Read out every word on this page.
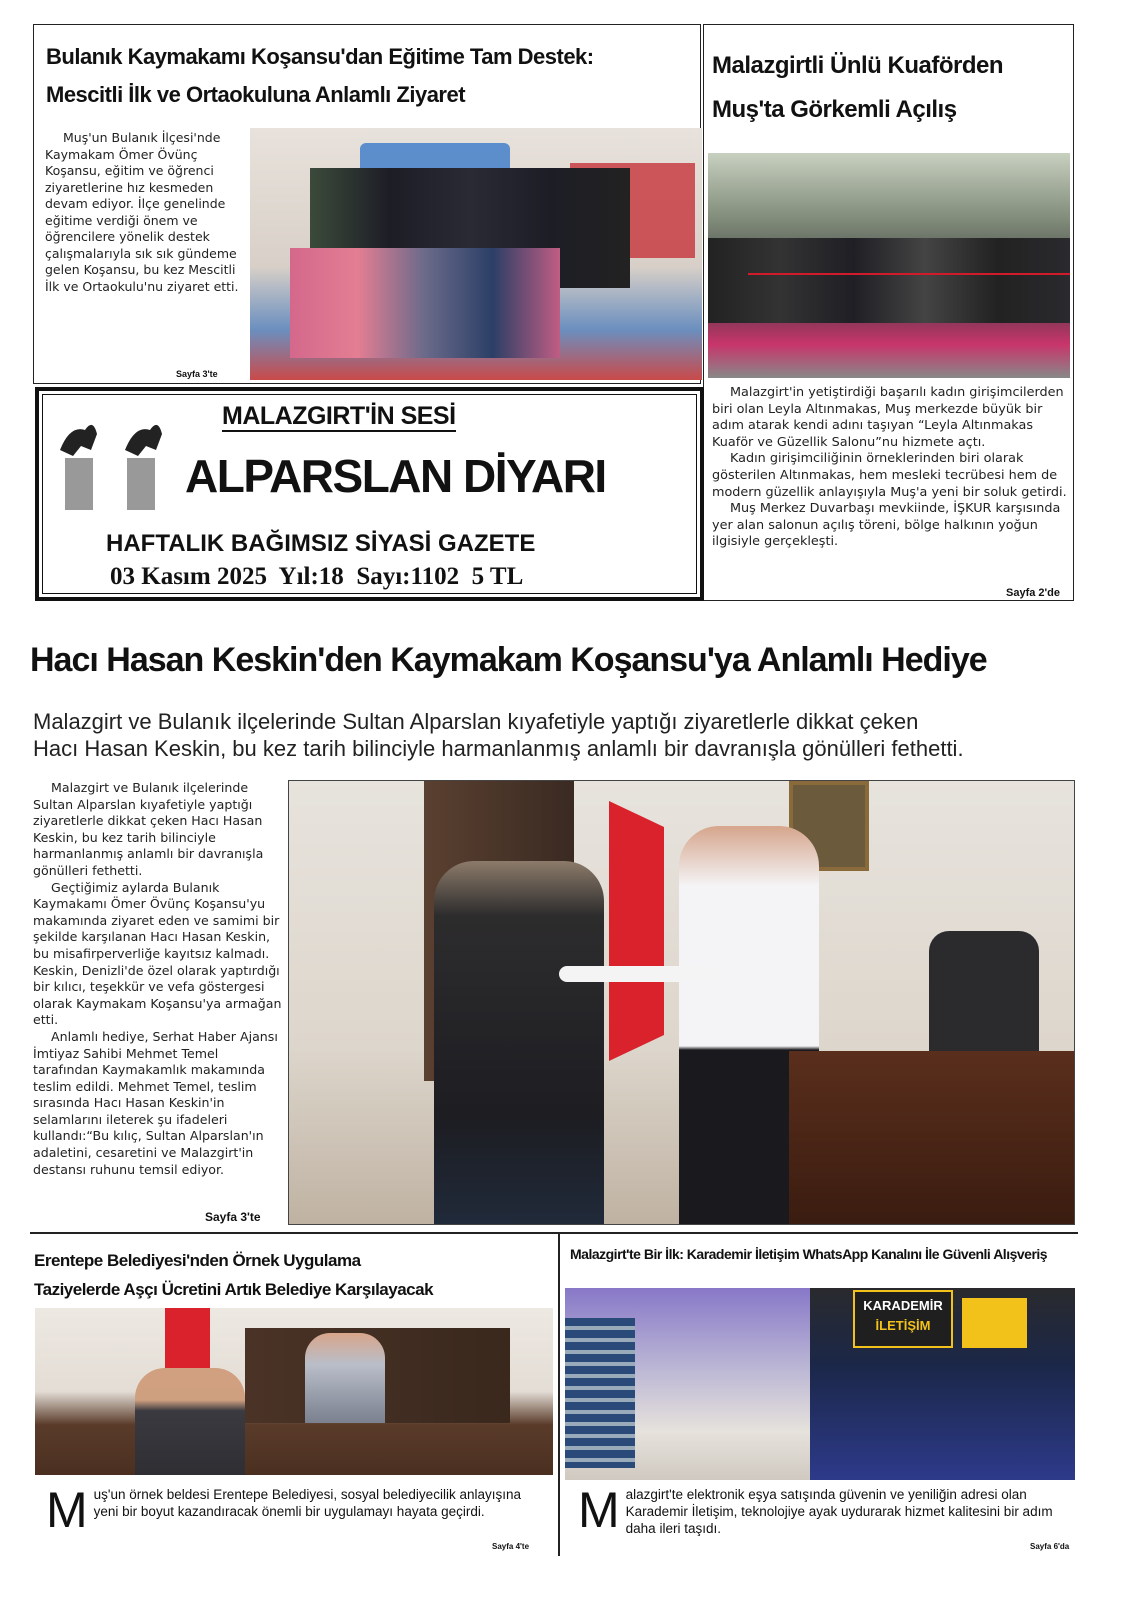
Bulanık Kaymakamı Koşansu'dan Eğitime Tam Destek:
Mescitli İlk ve Ortaokuluna Anlamlı Ziyaret

Muş'un Bulanık İlçesi'nde Kaymakam Ömer Övünç Koşansu, eğitim ve öğrenci ziyaretlerine hız kesmeden devam ediyor. İlçe genelinde eğitime verdiği önem ve öğrencilere yönelik destek çalışmalarıyla sık sık gündeme gelen Koşansu, bu kez Mescitli İlk ve Ortaokulu'nu ziyaret etti.

Sayfa 3'te
Malazgirtli Ünlü Kuaförden
Muş'ta Görkemli Açılış

Malazgirt'in yetiştirdiği başarılı kadın girişimcilerden biri olan Leyla Altınmakas, Muş merkezde büyük bir adım atarak kendi adını taşıyan “Leyla Altınmakas Kuaför ve Güzellik Salonu”nu hizmete açtı.

Kadın girişimciliğinin örneklerinden biri olarak gösterilen Altınmakas, hem mesleki tecrübesi hem de modern güzellik anlayışıyla Muş'a yeni bir soluk getirdi.

Muş Merkez Duvarbaşı mevkiinde, İŞKUR karşısında yer alan salonun açılış töreni, bölge halkının yoğun ilgisiyle gerçekleşti.

Sayfa 2'de
MALAZGIRT'İN SESİ
ALPARSLAN DİYARI
HAFTALIK BAĞIMSIZ SİYASİ GAZETE
03 Kasım 2025 Yıl:18 Sayı:1102 5 TL
Hacı Hasan Keskin'den Kaymakam Koşansu'ya Anlamlı Hediye
Malazgirt ve Bulanık ilçelerinde Sultan Alparslan kıyafetiyle yaptığı ziyaretlerle dikkat çeken
Hacı Hasan Keskin, bu kez tarih bilinciyle harmanlanmış anlamlı bir davranışla gönülleri fethetti.

Malazgirt ve Bulanık ilçelerinde Sultan Alparslan kıyafetiyle yaptığı ziyaretlerle dikkat çeken Hacı Hasan Keskin, bu kez tarih bilinciyle harmanlanmış anlamlı bir davranışla gönülleri fethetti.

Geçtiğimiz aylarda Bulanık Kaymakamı Ömer Övünç Koşansu'yu makamında ziyaret eden ve samimi bir şekilde karşılanan Hacı Hasan Keskin, bu misafirperverliğe kayıtsız kalmadı. Keskin, Denizli'de özel olarak yaptırdığı bir kılıcı, teşekkür ve vefa göstergesi olarak Kaymakam Koşansu'ya armağan etti.

Anlamlı hediye, Serhat Haber Ajansı İmtiyaz Sahibi Mehmet Temel tarafından Kaymakamlık makamında teslim edildi. Mehmet Temel, teslim sırasında Hacı Hasan Keskin'in selamlarını ileterek şu ifadeleri kullandı:“Bu kılıç, Sultan Alparslan'ın adaletini, cesaretini ve Malazgirt'in destansı ruhunu temsil ediyor.

Sayfa 3'te
Erentepe Belediyesi'nden Örnek Uygulama
Taziyelerde Aşçı Ücretini Artık Belediye Karşılayacak
M uş'un örnek beldesi Erentepe Belediyesi, sosyal belediyecilik anlayışına yeni bir boyut kazandıracak önemli bir uygulamayı hayata geçirdi.
Sayfa 4'te
Malazgirt'te Bir İlk: Karademir İletişim WhatsApp Kanalını İle Güvenli Alışveriş
KARADEMİR
İLETİŞİM
M alazgirt'te elektronik eşya satışında güvenin ve yeniliğin adresi olan Karademir İletişim, teknolojiye ayak uydurarak hizmet kalitesini bir adım daha ileri taşıdı.
Sayfa 6'da
